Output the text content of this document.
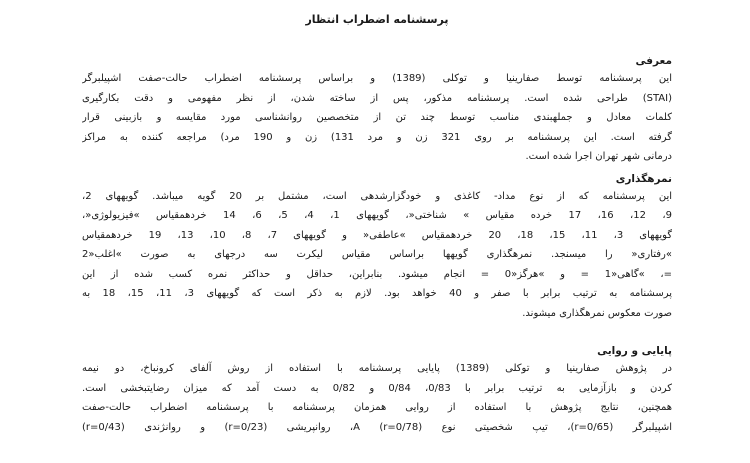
پرسشنامه اضطراب انتظار
معرفی
این پرسشنامه توسط صفارینیا و توکلی (1389) و براساس پرسشنامه اضطراب حالت-صفت اشپیلبرگر
(STAI) طراحی شده است. پرسشنامه مذکور، پس از ساخته شدن، از نظر مفهومی و دقت بکارگیری
کلمات معادل و جملهبندی مناسب توسط چند تن از متخصصین روانشناسی مورد مقایسه و بازبینی قرار
گرفته است. این پرسشنامه بر روی 321 زن و مرد 131) زن و 190 مرد) مراجعه کننده به مراکز
درمانی شهر تهران اجرا شده است.
نمرهگذاری
این پرسشنامه که از نوع مداد- کاغذی و خودگزارشدهی است، مشتمل بر 20 گویه میباشد. گویههای 2،
9، 12، 16، 17 خرده مقیاس » شناختی«، گویههای 1، 4، 5، 6، 14 خردهمقیاس »فیزیولوژی«،
گویههای 3، 11، 15، 18، 20 خردهمقیاس »عاطفی« و گویههای 7، 8، 10، 13، 19 خردهمقیاس
»رفتاری« را میسنجد. نمرهگذاری گویهها براساس مقیاس لیکرت سه درجهای به صورت »اغلب«2
=، »گاهی«1 = و »هرگز«0 = انجام میشود. بنابراین، حداقل و حداکثر نمره کسب شده از این
پرسشنامه به ترتیب برابر با صفر و 40 خواهد بود. لازم به ذکر است که گویههای 3، 11، 15، 18 به
صورت معکوس نمرهگذاری میشوند.
پایایی و روایی
در پژوهش صفارینیا و توکلی (1389) پایایی پرسشنامه با استفاده از روش آلفای کرونباخ، دو نیمه
کردن و بازآزمایی به ترتیب برابر با 0/83، 0/84 و 0/82 به دست آمد که میزان رضایتبخشی است.
همچنین، نتایج پژوهش با استفاده از روایی همزمان پرسشنامه با پرسشنامه اضطراب حالت-صفت
اشپیلبرگر (r=0/65)، تیپ شخصیتی نوع A (r=0/78)، روانپریشی (r=0/23) و روانژندی (r=0/43)
